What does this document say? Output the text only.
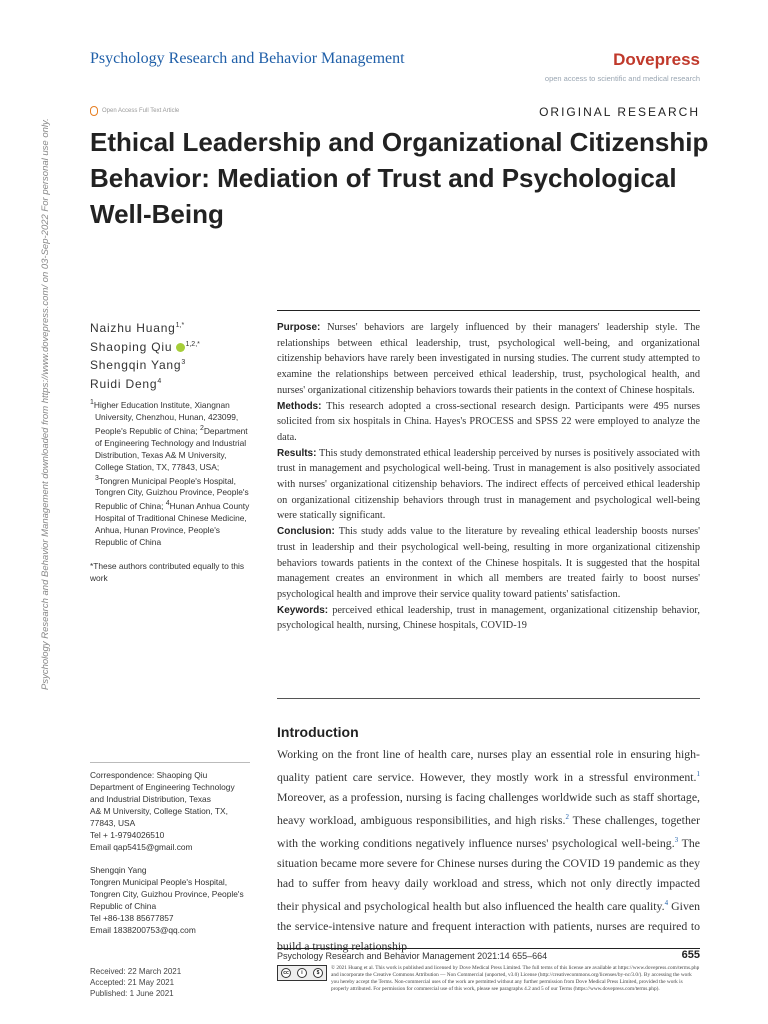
Psychology Research and Behavior Management	Dovepress
open access to scientific and medical research
Open Access Full Text Article	ORIGINAL RESEARCH
Ethical Leadership and Organizational Citizenship Behavior: Mediation of Trust and Psychological Well-Being
Psychology Research and Behavior Management downloaded from https://www.dovepress.com/ on 03-Sep-2022 For personal use only.	Naizhu Huang$^{1,*}$
Shaoping Qiu $^{1,2,*}$
Shengqin Yang$^3$
Ruidi Deng$^4$

$^1$Higher Education Institute, Xiangnan University, Chenzhou, Hunan, 423099, People's Republic of China; $^2$Department of Engineering Technology and Industrial Distribution, Texas A& M University, College Station, TX, 77843, USA; $^3$Tongren Municipal People's Hospital, Tongren City, Guizhou Province, People's Republic of China; $^4$Hunan Anhua County Hospital of Traditional Chinese Medicine, Anhua, Hunan Province, People's Republic of China

*These authors contributed equally to this work
Correspondence: Shaoping Qiu
Department of Engineering Technology and Industrial Distribution, Texas
A& M University, College Station, TX, 77843, USA
Tel + 1-9794026510
Email qap5415@gmail.com
Shengqin Yang
Tongren Municipal People's Hospital, Tongren City, Guizhou Province, People's Republic of China
Tel +86-138 85677857
Email 1838200753@qq.com
Received: 22 March 2021
Accepted: 21 May 2021
Published: 1 June 2021

Purpose: Nurses' behaviors are largely influenced by their managers' leadership style. The relationships between ethical leadership, trust, psychological well-being, and organizational citizenship behaviors have rarely been investigated in nursing studies. The current study attempted to examine the relationships between perceived ethical leadership, trust, psychological health, and nurses' organizational citizenship behaviors towards their patients in the context of Chinese hospitals.

Methods: This research adopted a cross-sectional research design. Participants were 495 nurses solicited from six hospitals in China. Hayes's PROCESS and SPSS 22 were employed to analyze the data.

Results: This study demonstrated ethical leadership perceived by nurses is positively associated with trust in management and psychological well-being. Trust in management is also positively associated with nurses' organizational citizenship behaviors. The indirect effects of perceived ethical leadership on organizational citizenship behaviors through trust in management and psychological well-being were statically significant.

Conclusion: This study adds value to the literature by revealing ethical leadership boosts nurses' trust in leadership and their psychological well-being, resulting in more organizational citizenship behaviors towards patients in the context of the Chinese hospitals. It is suggested that the hospital management creates an environment in which all members are treated fairly to boost nurses' psychological health and improve their service quality toward patients' satisfaction.

Keywords: perceived ethical leadership, trust in management, organizational citizenship behavior, psychological health, nursing, Chinese hospitals, COVID-19

Introduction

Working on the front line of health care, nurses play an essential role in ensuring high-quality patient care service. However, they mostly work in a stressful environment.$^1$ Moreover, as a profession, nursing is facing challenges worldwide such as staff shortage, heavy workload, ambiguous responsibilities, and high risks.$^2$ These challenges, together with the working conditions negatively influence nurses' psychological well-being.$^3$ The situation became more severe for Chinese nurses during the COVID 19 pandemic as they had to suffer from heavy daily workload and stress, which not only directly impacted their physical and psychological health but also influenced the health care quality.$^4$ Given the service-intensive nature and frequent interaction with patients, nurses are required to build a trusting relationship

Psychology Research and Behavior Management 2021:14 655–664	655
cc	i	$

© 2021 Huang et al. This work is published and licensed by Dove Medical Press Limited. The full terms of this license are available at https://www.dovepress.com/terms.php and incorporate the Creative Commons Attribution — Non Commercial (unported, v3.0) License (http://creativecommons.org/licenses/by-nc/3.0/). By accessing the work you hereby accept the Terms. Non-commercial uses of the work are permitted without any further permission from Dove Medical Press Limited, provided the work is properly attributed. For permission for commercial use of this work, please see paragraphs 4.2 and 5 of our Terms (https://www.dovepress.com/terms.php).
